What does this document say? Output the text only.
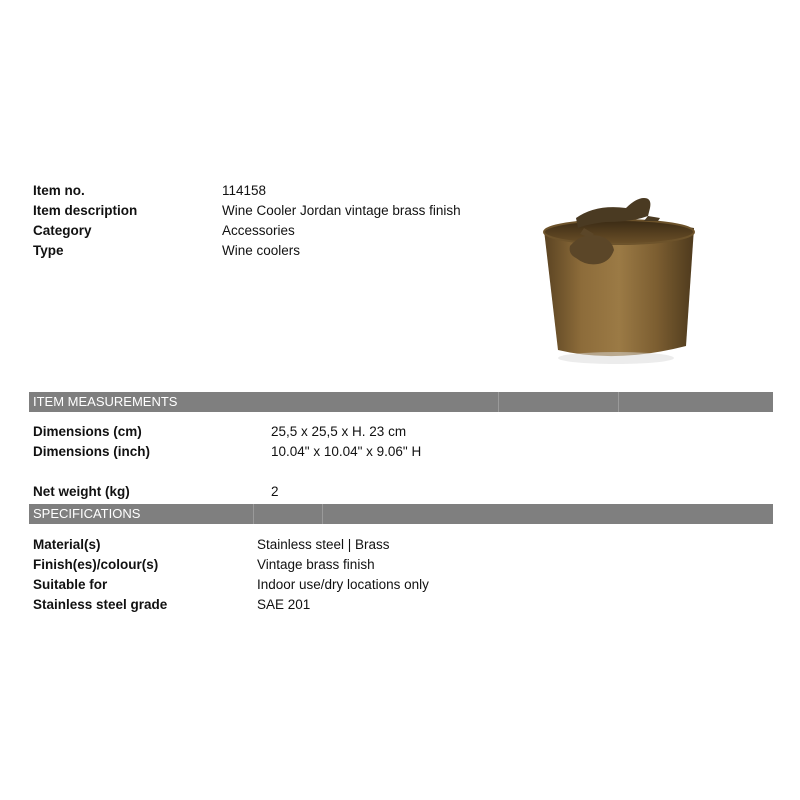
Item no.	114158
Item description	Wine Cooler Jordan vintage brass finish
Category	Accessories
Type	Wine coolers
ITEM MEASUREMENTS
Dimensions (cm)	25,5 x 25,5 x H. 23 cm
Dimensions (inch)	10.04" x 10.04" x 9.06" H
Net weight (kg)	2
SPECIFICATIONS
Material(s)	Stainless steel | Brass
Finish(es)/colour(s)	Vintage brass finish
Suitable for	Indoor use/dry locations only
Stainless steel grade	SAE 201
